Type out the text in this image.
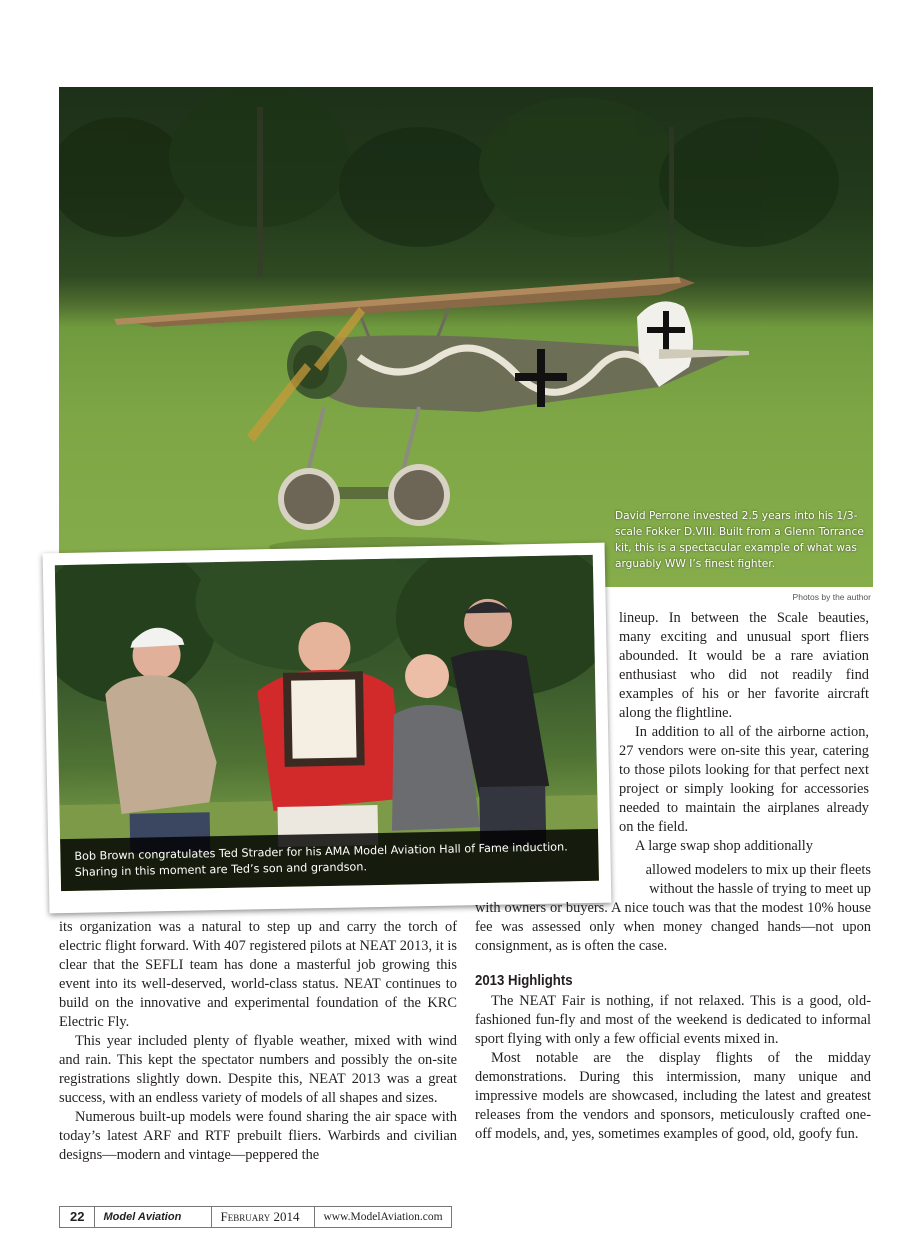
David Perrone invested 2.5 years into his 1/3-scale Fokker D.VIII. Built from a Glenn Torrance kit, this is a spectacular example of what was arguably WW I’s finest fighter.
Photos by the author
Bob Brown congratulates Ted Strader for his AMA Model Aviation Hall of Fame induction. Sharing in this moment are Ted’s son and grandson.

lineup. In between the Scale beauties, many exciting and unusual sport fliers abounded. It would be a rare aviation enthusiast who did not readily find examples of his or her favorite aircraft along the flightline.

In addition to all of the airborne action, 27 vendors were on-site this year, catering to those pilots looking for that perfect next project or simply looking for accessories needed to maintain the airplanes already on the field.

A large swap shop additionally

allowed modelers to mix up their fleets

without the hassle of trying to meet up

its organization was a natural to step up and carry the torch of electric flight forward. With 407 registered pilots at NEAT 2013, it is clear that the SEFLI team has done a masterful job growing this event into its well-deserved, world-class status. NEAT continues to build on the innovative and experimental foundation of the KRC Electric Fly.

This year included plenty of flyable weather, mixed with wind and rain. This kept the spectator numbers and possibly the on-site registrations slightly down. Despite this, NEAT 2013 was a great success, with an endless variety of models of all shapes and sizes.

Numerous built-up models were found sharing the air space with today’s latest ARF and RTF prebuilt fliers. Warbirds and civilian designs—modern and vintage—peppered the

with owners or buyers. A nice touch was that the modest 10% house fee was assessed only when money changed hands—not upon consignment, as is often the case.

2013 Highlights

The NEAT Fair is nothing, if not relaxed. This is a good, old-fashioned fun-fly and most of the weekend is dedicated to informal sport flying with only a few official events mixed in.

Most notable are the display flights of the midday demonstrations. During this intermission, many unique and impressive models are showcased, including the latest and greatest releases from the vendors and sponsors, meticulously crafted one-off models, and, yes, sometimes examples of good, old, goofy fun.

22	Model Aviation	February 2014	www.ModelAviation.com
